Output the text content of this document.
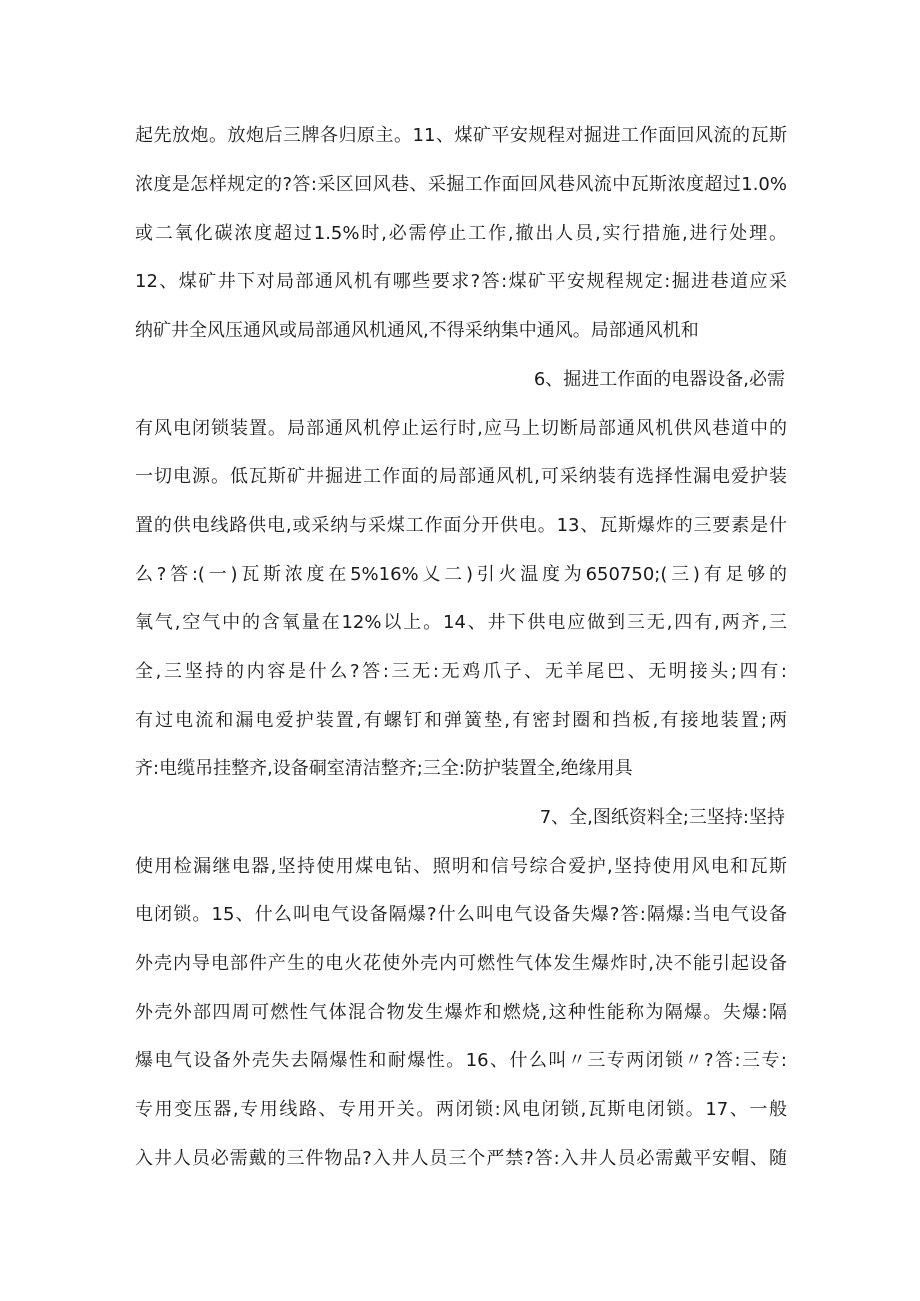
起先放炮。放炮后三牌各归原主。11、煤矿平安规程对掘进工作面回风流的瓦斯
浓度是怎样规定的?答:采区回风巷、采掘工作面回风巷风流中瓦斯浓度超过1.0%
或二氧化碳浓度超过1.5%时,必需停止工作,撤出人员,实行措施,进行处理。
12、煤矿井下对局部通风机有哪些要求?答:煤矿平安规程规定:掘进巷道应采
纳矿井全风压通风或局部通风机通风,不得采纳集中通风。局部通风机和
6、掘进工作面的电器设备,必需
有风电闭锁装置。局部通风机停止运行时,应马上切断局部通风机供风巷道中的
一切电源。低瓦斯矿井掘进工作面的局部通风机,可采纳装有选择性漏电爱护装
置的供电线路供电,或采纳与采煤工作面分开供电。13、瓦斯爆炸的三要素是什
么?答:(一)瓦斯浓度在5%16%乂二)引火温度为650750;(三)有足够的
氧气,空气中的含氧量在12%以上。14、井下供电应做到三无,四有,两齐,三
全,三坚持的内容是什么?答:三无:无鸡爪子、无羊尾巴、无明接头;四有:
有过电流和漏电爱护装置,有螺钉和弹簧垫,有密封圈和挡板,有接地装置;两
齐:电缆吊挂整齐,设备硐室清洁整齐;三全:防护装置全,绝缘用具
7、全,图纸资料全;三坚持:坚持
使用检漏继电器,坚持使用煤电钻、照明和信号综合爱护,坚持使用风电和瓦斯
电闭锁。15、什么叫电气设备隔爆?什么叫电气设备失爆?答:隔爆:当电气设备
外壳内导电部件产生的电火花使外壳内可燃性气体发生爆炸时,决不能引起设备
外壳外部四周可燃性气体混合物发生爆炸和燃烧,这种性能称为隔爆。失爆:隔
爆电气设备外壳失去隔爆性和耐爆性。16、什么叫〃三专两闭锁〃?答:三专:
专用变压器,专用线路、专用开关。两闭锁:风电闭锁,瓦斯电闭锁。17、一般
入井人员必需戴的三件物品?入井人员三个严禁?答:入井人员必需戴平安帽、随
